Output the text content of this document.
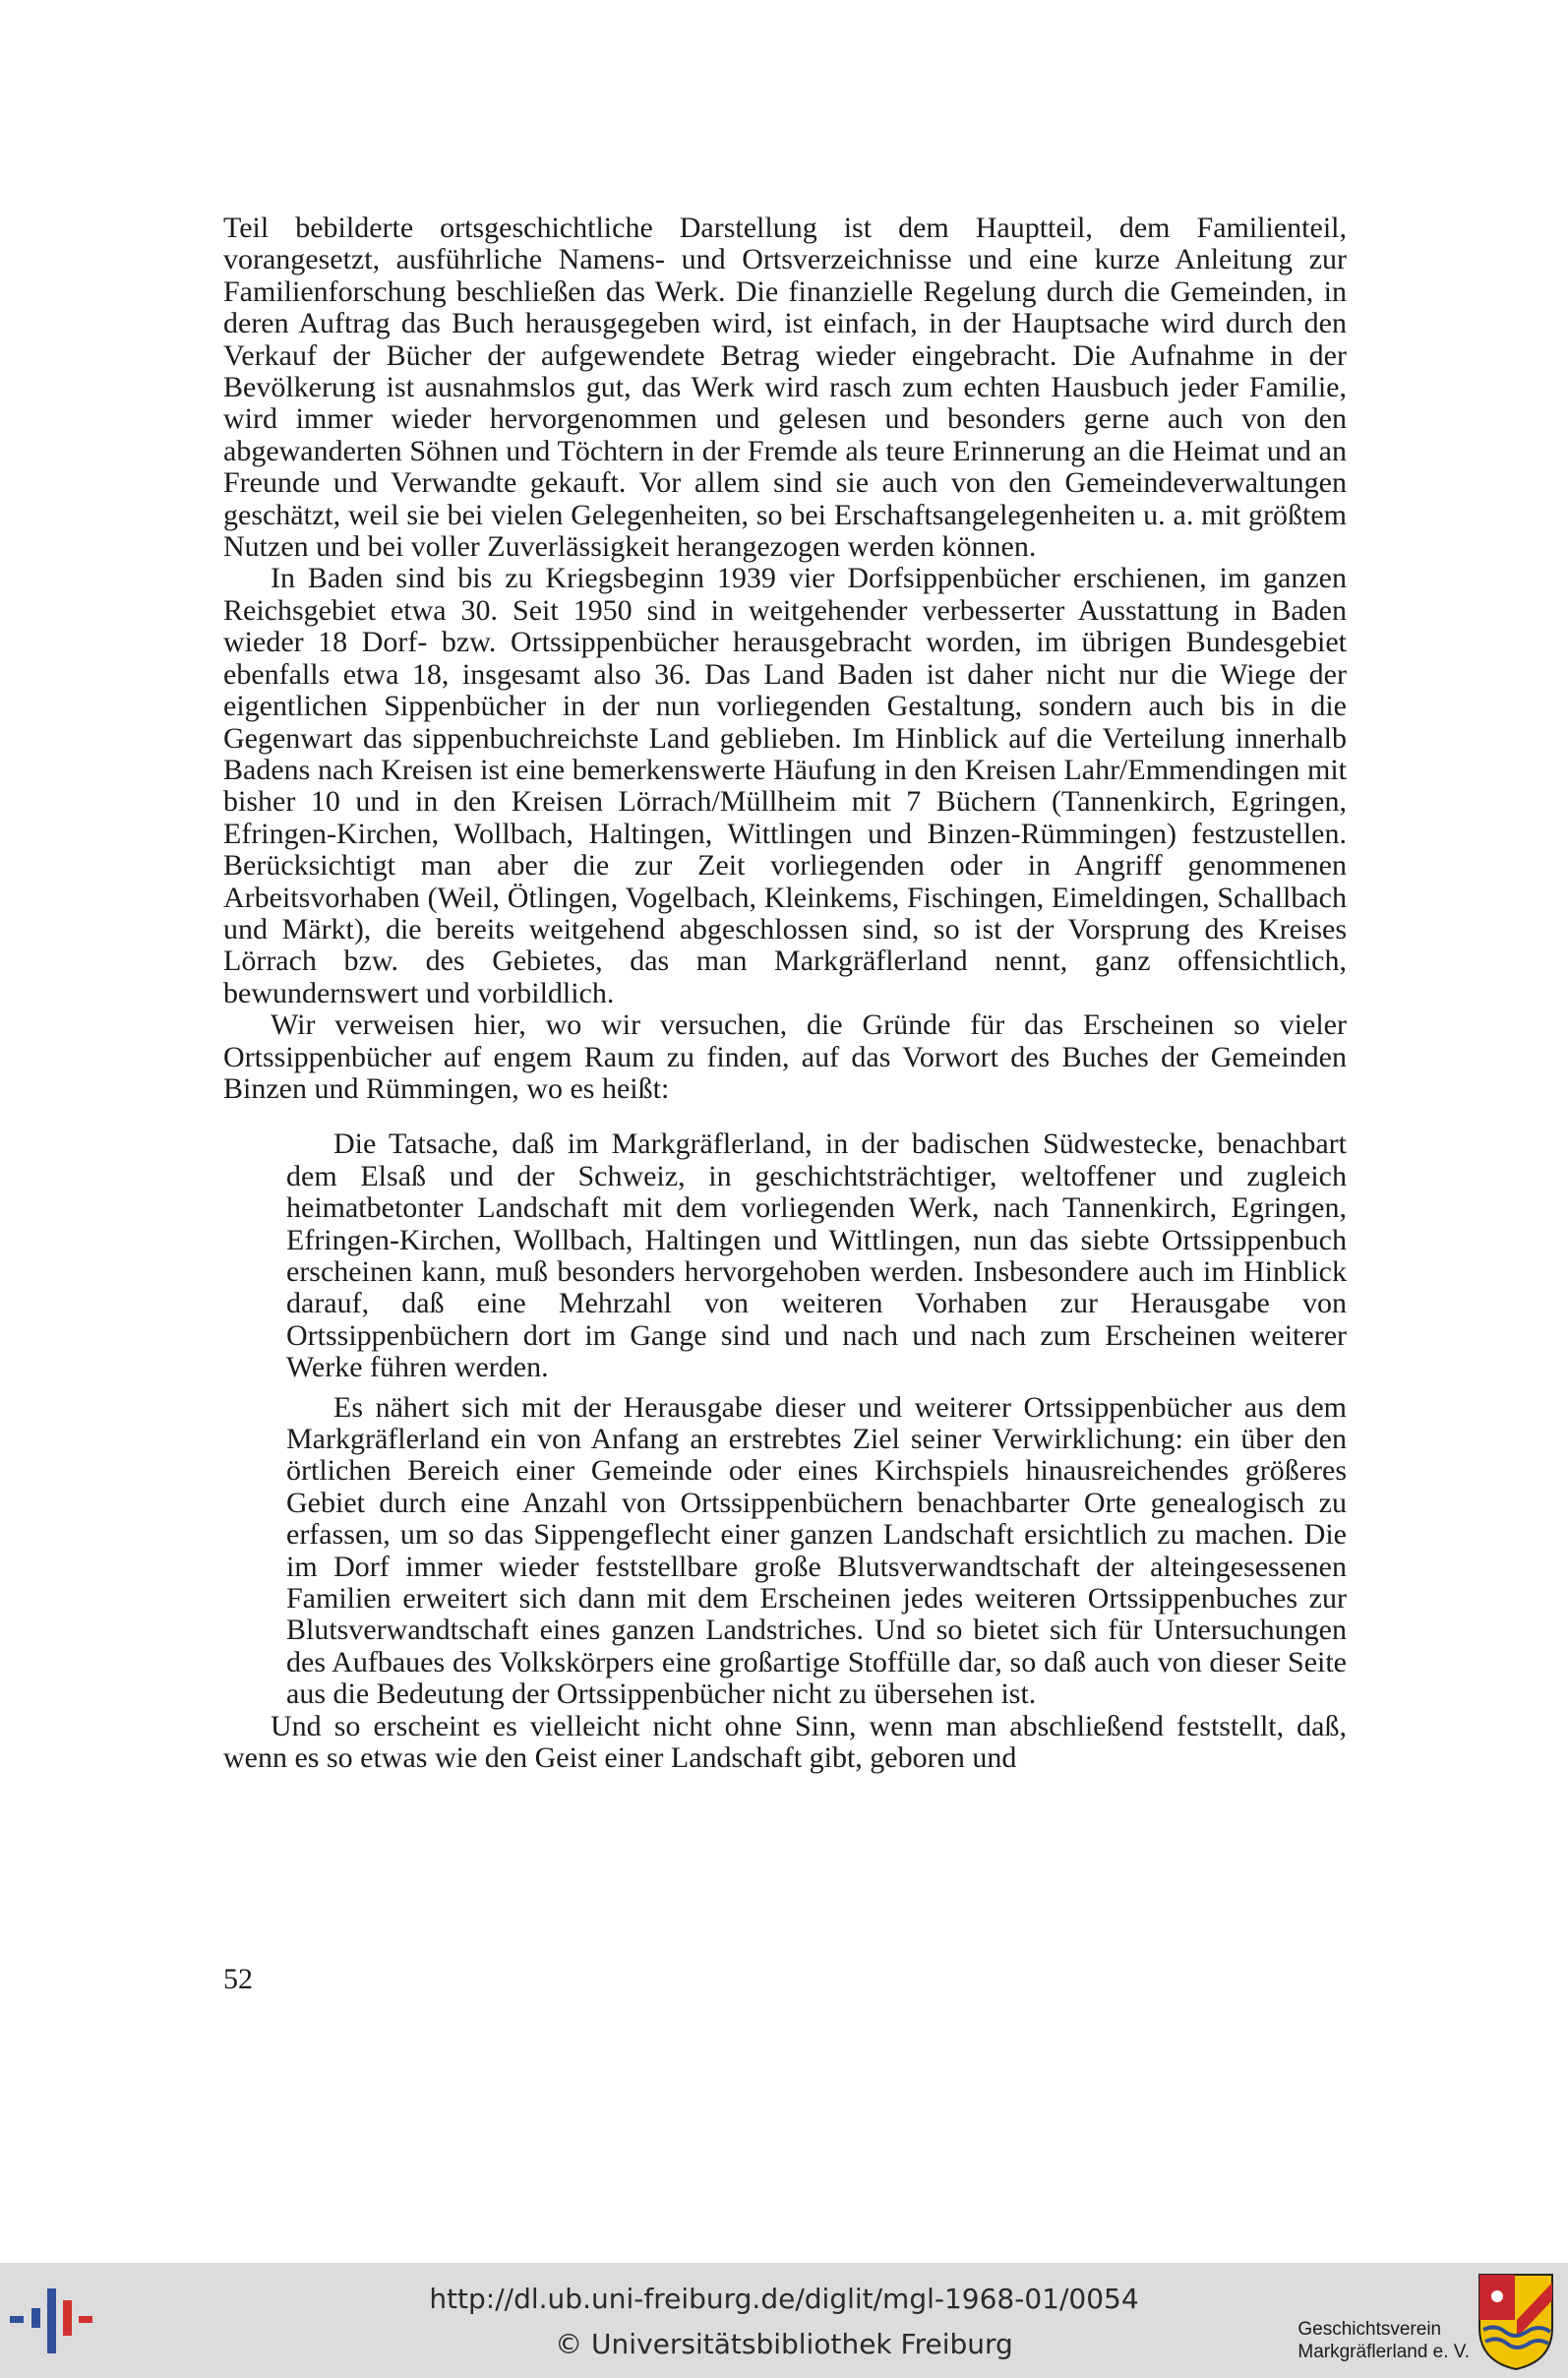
Teil bebilderte ortsgeschichtliche Darstellung ist dem Hauptteil, dem Familienteil, vorangesetzt, ausführliche Namens- und Ortsverzeichnisse und eine kurze Anleitung zur Familienforschung beschließen das Werk. Die finanzielle Regelung durch die Gemeinden, in deren Auftrag das Buch herausgegeben wird, ist einfach, in der Hauptsache wird durch den Verkauf der Bücher der aufgewendete Betrag wieder eingebracht. Die Aufnahme in der Bevölkerung ist ausnahmslos gut, das Werk wird rasch zum echten Hausbuch jeder Familie, wird immer wieder hervorgenommen und gelesen und besonders gerne auch von den abgewanderten Söhnen und Töchtern in der Fremde als teure Erinnerung an die Heimat und an Freunde und Verwandte gekauft. Vor allem sind sie auch von den Gemeindeverwaltungen geschätzt, weil sie bei vielen Gelegenheiten, so bei Erschaftsangelegenheiten u. a. mit größtem Nutzen und bei voller Zuverlässigkeit herangezogen werden können.

In Baden sind bis zu Kriegsbeginn 1939 vier Dorfsippenbücher erschienen, im ganzen Reichsgebiet etwa 30. Seit 1950 sind in weitgehender verbesserter Ausstattung in Baden wieder 18 Dorf- bzw. Ortssippenbücher herausgebracht worden, im übrigen Bundesgebiet ebenfalls etwa 18, insgesamt also 36. Das Land Baden ist daher nicht nur die Wiege der eigentlichen Sippenbücher in der nun vorliegenden Gestaltung, sondern auch bis in die Gegenwart das sippenbuchreichste Land geblieben. Im Hinblick auf die Verteilung innerhalb Badens nach Kreisen ist eine bemerkenswerte Häufung in den Kreisen Lahr/Emmendingen mit bisher 10 und in den Kreisen Lörrach/Müllheim mit 7 Büchern (Tannenkirch, Egringen, Efringen-Kirchen, Wollbach, Haltingen, Wittlingen und Binzen-Rümmingen) festzustellen. Berücksichtigt man aber die zur Zeit vorliegenden oder in Angriff genommenen Arbeitsvorhaben (Weil, Ötlingen, Vogelbach, Kleinkems, Fischingen, Eimeldingen, Schallbach und Märkt), die bereits weitgehend abgeschlossen sind, so ist der Vorsprung des Kreises Lörrach bzw. des Gebietes, das man Markgräflerland nennt, ganz offensichtlich, bewundernswert und vorbildlich.

Wir verweisen hier, wo wir versuchen, die Gründe für das Erscheinen so vieler Ortssippenbücher auf engem Raum zu finden, auf das Vorwort des Buches der Gemeinden Binzen und Rümmingen, wo es heißt:

Die Tatsache, daß im Markgräflerland, in der badischen Südwestecke, benachbart dem Elsaß und der Schweiz, in geschichtsträchtiger, weltoffener und zugleich heimatbetonter Landschaft mit dem vorliegenden Werk, nach Tannenkirch, Egringen, Efringen-Kirchen, Wollbach, Haltingen und Wittlingen, nun das siebte Ortssippenbuch erscheinen kann, muß besonders hervorgehoben werden. Insbesondere auch im Hinblick darauf, daß eine Mehrzahl von weiteren Vorhaben zur Herausgabe von Ortssippenbüchern dort im Gange sind und nach und nach zum Erscheinen weiterer Werke führen werden.

Es nähert sich mit der Herausgabe dieser und weiterer Ortssippenbücher aus dem Markgräflerland ein von Anfang an erstrebtes Ziel seiner Verwirklichung: ein über den örtlichen Bereich einer Gemeinde oder eines Kirchspiels hinausreichendes größeres Gebiet durch eine Anzahl von Ortssippenbüchern benachbarter Orte genealogisch zu erfassen, um so das Sippengeflecht einer ganzen Landschaft ersichtlich zu machen. Die im Dorf immer wieder feststellbare große Blutsverwandtschaft der alteingesessenen Familien erweitert sich dann mit dem Erscheinen jedes weiteren Ortssippenbuches zur Blutsverwandtschaft eines ganzen Landstriches. Und so bietet sich für Untersuchungen des Aufbaues des Volkskörpers eine großartige Stoffülle dar, so daß auch von dieser Seite aus die Bedeutung der Ortssippenbücher nicht zu übersehen ist.

Und so erscheint es vielleicht nicht ohne Sinn, wenn man abschließend feststellt, daß, wenn es so etwas wie den Geist einer Landschaft gibt, geboren und

52
http://dl.ub.uni-freiburg.de/diglit/mgl-1968-01/0054
© Universitätsbibliothek Freiburg	Geschichtsverein
Markgräflerland e. V.
